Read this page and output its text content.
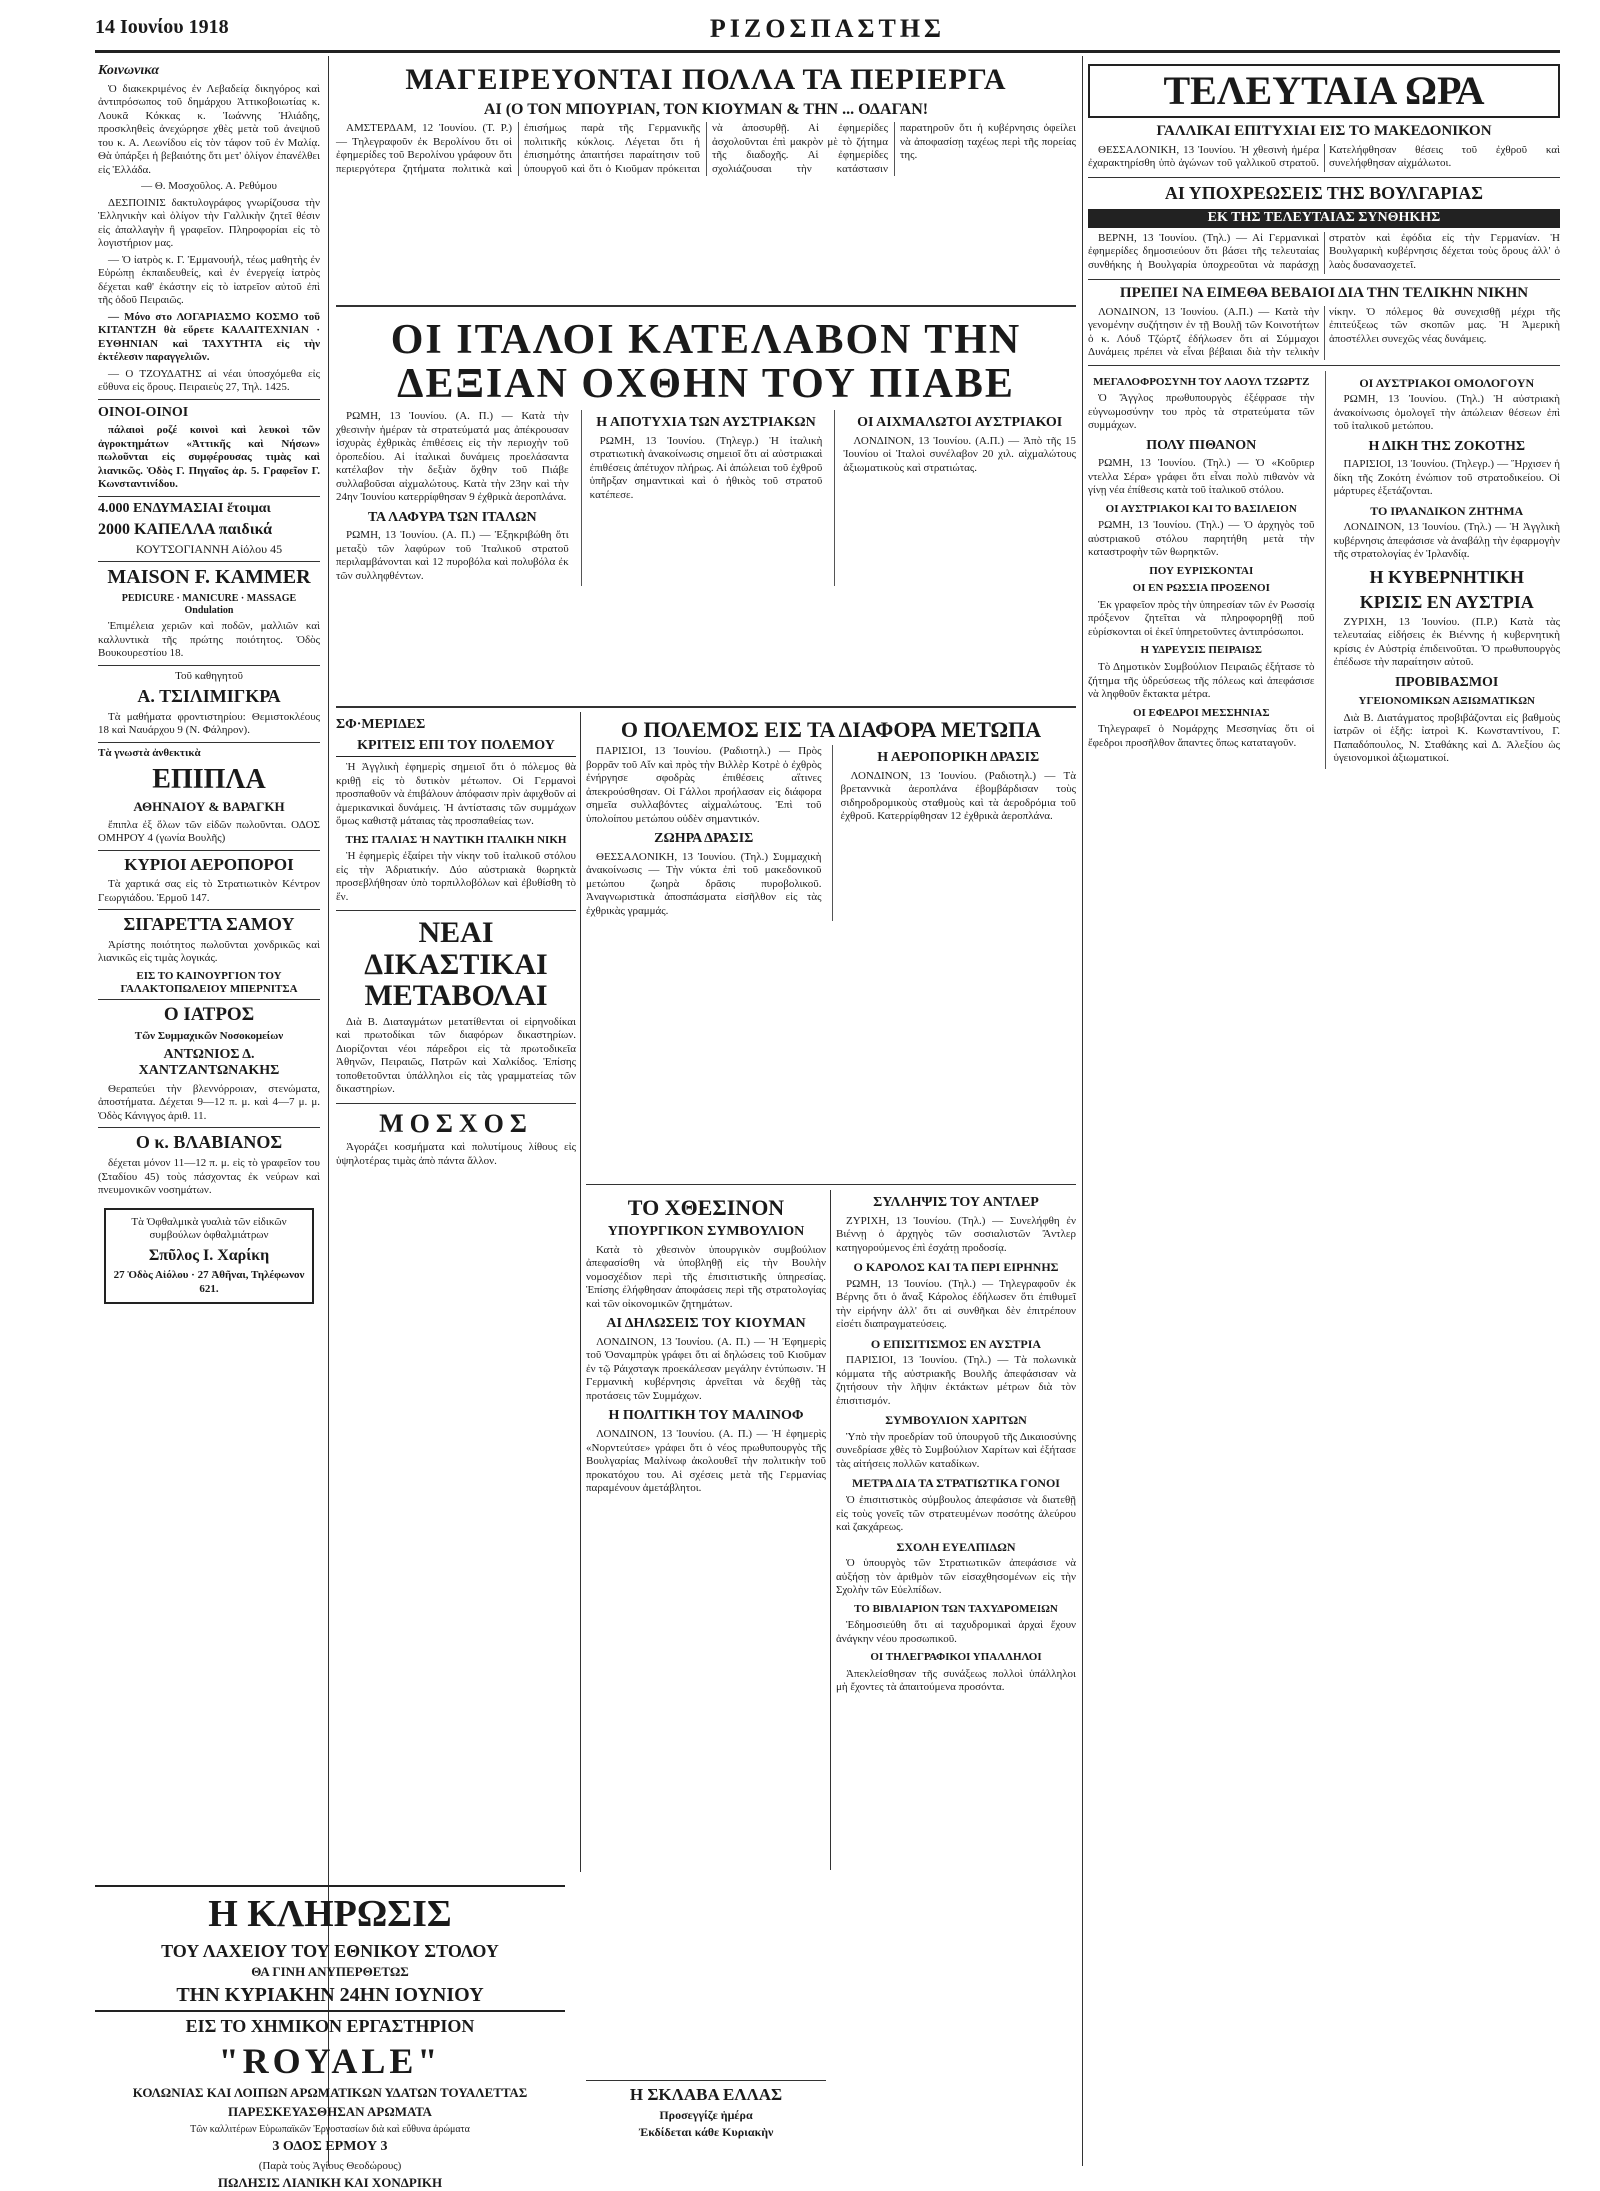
14 Ιουνίου 1918	ΡΙΖΟΣΠΑΣΤΗΣ
Κοινωνικα

Ὁ διακεκριμένος ἐν Λεβαδείᾳ δικηγόρος καὶ ἀντιπρόσωπος τοῦ δημάρχου Ἀττικοβοιωτίας κ. Λουκᾶ Κόκκας κ. Ἰωάννης Ἠλιάδης, προσκληθεὶς ἀνεχώρησε χθὲς μετὰ τοῦ ἀνεψιοῦ του κ. Α. Λεωνίδου εἰς τὸν τάφον τοῦ ἐν Μαλίᾳ. Θὰ ὑπάρξει ἡ βεβαιότης ὅτι μετ' ὀλίγον ἐπανέλθει εἰς Ἑλλάδα.

— Θ. Μοσχοῦλος. Α. Ρεθύμου

ΔΕΣΠΟΙΝΙΣ δακτυλογράφος γνωρίζουσα τὴν Ἑλληνικὴν καὶ ὀλίγον τὴν Γαλλικὴν ζητεῖ θέσιν εἰς ἀπαλλαγὴν ἢ γραφεῖον. Πληροφορίαι εἰς τὸ λογιστήριον μας.

— Ὁ ἰατρὸς κ. Γ. Ἐμμανουήλ, τέως μαθητὴς ἐν Εὐρώπῃ ἐκπαιδευθείς, καὶ ἐν ἐνεργείᾳ ἰατρὸς δέχεται καθ' ἑκάστην εἰς τὸ ἰατρεῖον αὐτοῦ ἐπὶ τῆς ὁδοῦ Πειραιῶς.

— Μόνο στο ΛΟΓΑΡΙΑΣΜΟ ΚΟΣΜΟ τοῦ ΚΙΤΑΝΤΖΗ θὰ εὕρετε ΚΑΛΑΙΤΕΧΝΙΑΝ · ΕΥΘΗΝΙΑΝ καὶ ΤΑΧΥΤΗΤΑ εἰς τὴν ἐκτέλεσιν παραγγελιῶν.

— Ο ΤΖΟΥΔΑΤΗΣ αἱ νέαι ὑποσχόμεθα εἰς εὔθυνα εἰς ὅρους. Πειραιεὺς 27, Τηλ. 1425.

ΟΙΝΟΙ-ΟΙΝΟΙ

πάλαιοὶ ροζέ κοινοὶ καὶ λευκοὶ τῶν ἀγροκτημάτων «Ἀττικῆς καὶ Νήσων» πωλοῦνται εἰς συμφέρουσας τιμὰς καὶ λιανικῶς. Ὁδὸς Γ. Πηγαῖος ἀρ. 5. Γραφεῖον Γ. Κωνσταντινίδου.

4.000 ΕΝΔΥΜΑΣΙΑΙ ἕτοιμαι
2000 ΚΑΠΕΛΛΑ παιδικά
ΚΟΥΤΣΟΓΙΑΝΝΗ Αἰόλου 45
MAISON F. KAMMER
PEDICURE · MANICURE · MASSAGE Ondulation

Ἐπιμέλεια χεριῶν καὶ ποδῶν, μαλλιῶν καὶ καλλυντικὰ τῆς πρώτης ποιότητος. Ὁδὸς Βουκουρεστίου 18.

Τοῦ καθηγητοῦ
Α. ΤΣΙΛΙΜΙΓΚΡΑ

Τὰ μαθήματα φροντιστηρίου: Θεμιστοκλέους 18 καὶ Ναυάρχου 9 (Ν. Φάληρον).

Τὰ γνωστὰ ἀνθεκτικὰ
ΕΠΙΠΛΑ
ΑΘΗΝΑΙΟΥ & ΒΑΡΑΓΚΗ

ἔπιπλα ἐξ ὅλων τῶν εἰδῶν πωλοῦνται. ΟΔΟΣ ΟΜΗΡΟΥ 4 (γωνία Βουλῆς)

ΚΥΡΙΟΙ ΑΕΡΟΠΟΡΟΙ

Τὰ χαρτικά σας εἰς τὸ Στρατιωτικὸν Κέντρον Γεωργιάδου. Ἑρμοῦ 147.

ΣΙΓΑΡΕΤΤΑ ΣΑΜΟΥ

Ἀρίστης ποιότητος πωλοῦνται χονδρικῶς καὶ λιανικῶς εἰς τιμὰς λογικάς.

ΕΙΣ ΤΟ ΚΑΙΝΟΥΡΓΙΟΝ ΤΟΥ ΓΑΛΑΚΤΟΠΩΛΕΙΟΥ ΜΠΕΡΝΙΤΣΑ
Ο ΙΑΤΡΟΣ
Τῶν Συμμαχικῶν Νοσοκομείων
ΑΝΤΩΝΙΟΣ Δ. ΧΑΝΤΖΑΝΤΩΝΑΚΗΣ

Θεραπεύει τὴν βλεννόρροιαν, στενώματα, ἀποστήματα. Δέχεται 9—12 π. μ. καὶ 4—7 μ. μ. Ὁδὸς Κάνιγγος ἀριθ. 11.

Ο κ. ΒΛΑΒΙΑΝΟΣ

δέχεται μόνον 11—12 π. μ. εἰς τὸ γραφεῖον του (Σταδίου 45) τοὺς πάσχοντας ἐκ νεύρων καὶ πνευμονικῶν νοσημάτων.

Τὰ Ὀφθαλμικὰ γυαλιὰ τῶν εἰδικῶν συμβούλων ὀφθαλμιάτρων
Σπῦλος Ι. Χαρίκη
27 Ὁδὸς Αἰόλου · 27 Ἀθῆναι, Τηλέφωνον 621.
Η ΚΛΗΡΩΣΙΣ
ΤΟΥ ΛΑΧΕΙΟΥ ΤΟΥ ΕΘΝΙΚΟΥ ΣΤΟΛΟΥ
ΘΑ ΓΙΝΗ ΑΝΥΠΕΡΘΕΤΩΣ
ΤΗΝ ΚΥΡΙΑΚΗΝ 24ΗΝ ΙΟΥΝΙΟΥ
ΕΙΣ ΤΟ ΧΗΜΙΚΟΝ ΕΡΓΑΣΤΗΡΙΟΝ
"ROYALE"
ΚΟΛΩΝΙΑΣ ΚΑΙ ΛΟΙΠΩΝ ΑΡΩΜΑΤΙΚΩΝ ΥΔΑΤΩΝ ΤΟΥΑΛΕΤΤΑΣ
ΠΑΡΕΣΚΕΥΑΣΘΗΣΑΝ ΑΡΩΜΑΤΑ
Τῶν καλλιτέρων Εὐρωπαϊκῶν Ἐργοστασίων διὰ καὶ εὔθυνα ἀρώματα
3 ΟΔΟΣ ΕΡΜΟΥ 3
(Παρὰ τοὺς Ἁγίους Θεοδώρους)
ΠΩΛΗΣΙΣ ΛΙΑΝΙΚΗ ΚΑΙ ΧΟΝΔΡΙΚΗ
ΜΑΓΕΙΡΕΥΟΝΤΑΙ ΠΟΛΛΑ ΤΑ ΠΕΡΙΕΡΓΑ
ΑΙ (Ο ΤΟΝ ΜΠΟΥΡΙΑΝ, ΤΟΝ ΚΙΟΥΜΑΝ & ΤΗΝ ... ΟΔΑΓΑΝ!

ΑΜΣΤΕΡΔΑΜ, 12 Ἰουνίου. (Τ. Ρ.) — Τηλεγραφοῦν ἐκ Βερολίνου ὅτι οἱ ἐφημερίδες τοῦ Βερολίνου γράφουν ὅτι περιεργότερα ζητήματα πολιτικὰ καὶ ἐπισήμως παρὰ τῆς Γερμανικῆς πολιτικῆς κύκλοις. Λέγεται ὅτι ἡ ἐπισημότης ἀπαιτήσει παραίτησιν τοῦ ὑπουργοῦ καὶ ὅτι ὁ Κιοῦμαν πρόκειται νὰ ἀποσυρθῇ. Αἱ ἐφημερίδες ἀσχολοῦνται ἐπὶ μακρὸν μὲ τὸ ζήτημα τῆς διαδοχῆς. Αἱ ἐφημερίδες σχολιάζουσαι τὴν κατάστασιν παρατηροῦν ὅτι ἡ κυβέρνησις ὀφείλει νὰ ἀποφασίσῃ ταχέως περὶ τῆς πορείας της.

ΟΙ ΙΤΑΛΟΙ ΚΑΤΕΛΑΒΟΝ ΤΗΝ ΔΕΞΙΑΝ ΟΧΘΗΝ ΤΟΥ ΠΙΑΒΕ

ΡΩΜΗ, 13 Ἰουνίου. (Α. Π.) — Κατὰ τὴν χθεσινὴν ἡμέραν τὰ στρατεύματά μας ἀπέκρουσαν ἰσχυρὰς ἐχθρικὰς ἐπιθέσεις εἰς τὴν περιοχὴν τοῦ ὀροπεδίου. Αἱ ἰταλικαὶ δυνάμεις προελάσαντα κατέλαβον τὴν δεξιὰν ὄχθην τοῦ Πιάβε συλλαβοῦσαι αἰχμαλώτους. Κατὰ τὴν 23ην καὶ τὴν 24ην Ἰουνίου κατερρίφθησαν 9 ἐχθρικὰ ἀεροπλάνα.

ΤΑ ΛΑΦΥΡΑ ΤΩΝ ΙΤΑΛΩΝ

ΡΩΜΗ, 13 Ἰουνίου. (Α. Π.) — Ἐξηκριβώθη ὅτι μεταξὺ τῶν λαφύρων τοῦ Ἰταλικοῦ στρατοῦ περιλαμβάνονται καὶ 12 πυροβόλα καὶ πολυβόλα ἐκ τῶν συλληφθέντων.

Η ΑΠΟΤΥΧΙΑ ΤΩΝ ΑΥΣΤΡΙΑΚΩΝ

ΡΩΜΗ, 13 Ἰουνίου. (Τηλεγρ.) Ἡ ἰταλικὴ στρατιωτικὴ ἀνακοίνωσις σημειοῖ ὅτι αἱ αὐστριακαὶ ἐπιθέσεις ἀπέτυχον πλήρως. Αἱ ἀπώλειαι τοῦ ἐχθροῦ ὑπῆρξαν σημαντικαὶ καὶ ὁ ἠθικὸς τοῦ στρατοῦ κατέπεσε.

ΟΙ ΑΙΧΜΑΛΩΤΟΙ ΑΥΣΤΡΙΑΚΟΙ

ΛΟΝΔΙΝΟΝ, 13 Ἰουνίου. (Α.Π.) — Ἀπὸ τῆς 15 Ἰουνίου οἱ Ἰταλοὶ συνέλαβον 20 χιλ. αἰχμαλώτους ἀξιωματικοὺς καὶ στρατιώτας.

ΣΦ·ΜΕΡΙΔΕΣ
ΚΡΙΤΕΙΣ ΕΠΙ ΤΟΥ ΠΟΛΕΜΟΥ

Ἡ Ἀγγλικὴ ἐφημερὶς σημειοῖ ὅτι ὁ πόλεμος θὰ κριθῇ εἰς τὸ δυτικὸν μέτωπον. Οἱ Γερμανοὶ προσπαθοῦν νὰ ἐπιβάλουν ἀπόφασιν πρὶν ἀφιχθοῦν αἱ ἀμερικανικαὶ δυνάμεις. Ἡ ἀντίστασις τῶν συμμάχων ὅμως καθιστᾷ μάταιας τὰς προσπαθείας των.

ΤΗΣ ΙΤΑΛΙΑΣ Ἡ ΝΑΥΤΙΚΗ ΙΤΑΛΙΚΗ ΝΙΚΗ

Ἡ ἐφημερὶς ἐξαίρει τὴν νίκην τοῦ ἰταλικοῦ στόλου εἰς τὴν Ἀδριατικήν. Δύο αὐστριακὰ θωρηκτὰ προσεβλήθησαν ὑπὸ τορπιλλοβόλων καὶ ἐβυθίσθη τὸ ἕν.

ΝΕΑΙ ΔΙΚΑΣΤΙΚΑΙ ΜΕΤΑΒΟΛΑΙ

Διὰ Β. Διαταγμάτων μετατίθενται οἱ εἰρηνοδίκαι καὶ πρωτοδίκαι τῶν διαφόρων δικαστηρίων. Διορίζονται νέοι πάρεδροι εἰς τὰ πρωτοδικεῖα Ἀθηνῶν, Πειραιῶς, Πατρῶν καὶ Χαλκίδος. Ἐπίσης τοποθετοῦνται ὑπάλληλοι εἰς τὰς γραμματείας τῶν δικαστηρίων.

ΜΟΣΧΟΣ

Ἀγοράζει κοσμήματα καὶ πολυτίμους λίθους εἰς ὑψηλοτέρας τιμὰς ἀπὸ πάντα ἄλλον.

Ο ΠΟΛΕΜΟΣ ΕΙΣ ΤΑ ΔΙΑΦΟΡΑ ΜΕΤΩΠΑ

ΠΑΡΙΣΙΟΙ, 13 Ἰουνίου. (Ραδιοτηλ.) — Πρὸς βορρᾶν τοῦ Αἴν καὶ πρὸς τὴν Βιλλὲρ Κοτρὲ ὁ ἐχθρὸς ἐνήργησε σφοδρὰς ἐπιθέσεις αἵτινες ἀπεκρούσθησαν. Οἱ Γάλλοι προήλασαν εἰς διάφορα σημεῖα συλλαβόντες αἰχμαλώτους. Ἐπὶ τοῦ ὑπολοίπου μετώπου οὐδὲν σημαντικόν.

ΖΩΗΡΑ ΔΡΑΣΙΣ

ΘΕΣΣΑΛΟΝΙΚΗ, 13 Ἰουνίου. (Τηλ.) Συμμαχικὴ ἀνακοίνωσις — Τὴν νύκτα ἐπὶ τοῦ μακεδονικοῦ μετώπου ζωηρὰ δρᾶσις πυροβολικοῦ. Ἀναγνωριστικὰ ἀποσπάσματα εἰσῆλθον εἰς τὰς ἐχθρικὰς γραμμάς.

Η ΑΕΡΟΠΟΡΙΚΗ ΔΡΑΣΙΣ

ΛΟΝΔΙΝΟΝ, 13 Ἰουνίου. (Ραδιοτηλ.) — Τὰ βρεταννικὰ ἀεροπλάνα ἐβομβάρδισαν τοὺς σιδηροδρομικοὺς σταθμοὺς καὶ τὰ ἀεροδρόμια τοῦ ἐχθροῦ. Κατερρίφθησαν 12 ἐχθρικὰ ἀεροπλάνα.

ΤΟ ΧΘΕΣΙΝΟΝ
ΥΠΟΥΡΓΙΚΟΝ ΣΥΜΒΟΥΛΙΟΝ

Κατὰ τὸ χθεσινὸν ὑπουργικὸν συμβούλιον ἀπεφασίσθη νὰ ὑποβληθῇ εἰς τὴν Βουλὴν νομοσχέδιον περὶ τῆς ἐπισιτιστικῆς ὑπηρεσίας. Ἐπίσης ἐλήφθησαν ἀποφάσεις περὶ τῆς στρατολογίας καὶ τῶν οἰκονομικῶν ζητημάτων.

ΑΙ ΔΗΛΩΣΕΙΣ ΤΟΥ ΚΙΟΥΜΑΝ

ΛΟΝΔΙΝΟΝ, 13 Ἰουνίου. (Α. Π.) — Ἡ Ἐφημερὶς τοῦ Ὀσναμπρὺκ γράφει ὅτι αἱ δηλώσεις τοῦ Κιοῦμαν ἐν τῷ Ράιχσταγκ προεκάλεσαν μεγάλην ἐντύπωσιν. Ἡ Γερμανικὴ κυβέρνησις ἀρνεῖται νὰ δεχθῇ τὰς προτάσεις τῶν Συμμάχων.

Η ΠΟΛΙΤΙΚΗ ΤΟΥ ΜΑΛΙΝΟΦ

ΛΟΝΔΙΝΟΝ, 13 Ἰουνίου. (Α. Π.) — Ἡ ἐφημερὶς «Νορντεύτσε» γράφει ὅτι ὁ νέος πρωθυπουργὸς τῆς Βουλγαρίας Μαλίνωφ ἀκολουθεῖ τὴν πολιτικὴν τοῦ προκατόχου του. Αἱ σχέσεις μετὰ τῆς Γερμανίας παραμένουν ἀμετάβλητοι.

ΣΥΛΛΗΨΙΣ ΤΟΥ ΑΝΤΛΕΡ

ΖΥΡΙΧΗ, 13 Ἰουνίου. (Τηλ.) — Συνελήφθη ἐν Βιέννῃ ὁ ἀρχηγὸς τῶν σοσιαλιστῶν Ἄντλερ κατηγορούμενος ἐπὶ ἐσχάτῃ προδοσίᾳ.

Ο ΚΑΡΟΛΟΣ ΚΑΙ ΤΑ ΠΕΡΙ ΕΙΡΗΝΗΣ

ΡΩΜΗ, 13 Ἰουνίου. (Τηλ.) — Τηλεγραφοῦν ἐκ Βέρνης ὅτι ὁ ἄναξ Κάρολος ἐδήλωσεν ὅτι ἐπιθυμεῖ τὴν εἰρήνην ἀλλ' ὅτι αἱ συνθῆκαι δὲν ἐπιτρέπουν εἰσέτι διαπραγματεύσεις.

Ο ΕΠΙΣΙΤΙΣΜΟΣ ΕΝ ΑΥΣΤΡΙΑ

ΠΑΡΙΣΙΟΙ, 13 Ἰουνίου. (Τηλ.) — Τὰ πολωνικὰ κόμματα τῆς αὐστριακῆς Βουλῆς ἀπεφάσισαν νὰ ζητήσουν τὴν λῆψιν ἐκτάκτων μέτρων διὰ τὸν ἐπισιτισμόν.

ΣΥΜΒΟΥΛΙΟΝ ΧΑΡΙΤΩΝ

Ὑπὸ τὴν προεδρίαν τοῦ ὑπουργοῦ τῆς Δικαιοσύνης συνεδρίασε χθὲς τὸ Συμβούλιον Χαρίτων καὶ ἐξήτασε τὰς αἰτήσεις πολλῶν καταδίκων.

ΜΕΤΡΑ ΔΙΑ ΤΑ ΣΤΡΑΤΙΩΤΙΚΑ ΓΟΝΟΙ

Ὁ ἐπισιτιστικὸς σύμβουλος ἀπεφάσισε νὰ διατεθῇ εἰς τοὺς γονεῖς τῶν στρατευμένων ποσότης ἀλεύρου καὶ ζακχάρεως.

ΣΧΟΛΗ ΕΥΕΛΠΙΔΩΝ

Ὁ ὑπουργὸς τῶν Στρατιωτικῶν ἀπεφάσισε νὰ αὐξήσῃ τὸν ἀριθμὸν τῶν εἰσαχθησομένων εἰς τὴν Σχολὴν τῶν Εὐελπίδων.

ΤΟ ΒΙΒΛΙΑΡΙΟΝ ΤΩΝ ΤΑΧΥΔΡΟΜΕΙΩΝ

Ἐδημοσιεύθη ὅτι αἱ ταχυδρομικαὶ ἀρχαὶ ἔχουν ἀνάγκην νέου προσωπικοῦ.

ΟΙ ΤΗΛΕΓΡΑΦΙΚΟΙ ΥΠΑΛΛΗΛΟΙ

Ἀπεκλείσθησαν τῆς συνάξεως πολλοὶ ὑπάλληλοι μὴ ἔχοντες τὰ ἀπαιτούμενα προσόντα.

Η ΣΚΛΑΒΑ ΕΛΛΑΣ
Προσεγγίζε ἡμέρα
Ἐκδίδεται κάθε Κυριακὴν
ΤΕΛΕΥΤΑΙΑ ΩΡΑ
ΓΑΛΛΙΚΑΙ ΕΠΙΤΥΧΙΑΙ ΕΙΣ ΤΟ ΜΑΚΕΔΟΝΙΚΟΝ

ΘΕΣΣΑΛΟΝΙΚΗ, 13 Ἰουνίου. Ἡ χθεσινὴ ἡμέρα ἐχαρακτηρίσθη ὑπὸ ἀγώνων τοῦ γαλλικοῦ στρατοῦ. Κατελήφθησαν θέσεις τοῦ ἐχθροῦ καὶ συνελήφθησαν αἰχμάλωτοι.

ΑΙ ΥΠΟΧΡΕΩΣΕΙΣ ΤΗΣ ΒΟΥΛΓΑΡΙΑΣ
ΕΚ ΤΗΣ ΤΕΛΕΥΤΑΙΑΣ ΣΥΝΘΗΚΗΣ

ΒΕΡΝΗ, 13 Ἰουνίου. (Τηλ.) — Αἱ Γερμανικαὶ ἐφημερίδες δημοσιεύουν ὅτι βάσει τῆς τελευταίας συνθήκης ἡ Βουλγαρία ὑποχρεοῦται νὰ παράσχῃ στρατὸν καὶ ἐφόδια εἰς τὴν Γερμανίαν. Ἡ Βουλγαρικὴ κυβέρνησις δέχεται τοὺς ὅρους ἀλλ' ὁ λαὸς δυσανασχετεῖ.

ΠΡΕΠΕΙ ΝΑ ΕΙΜΕΘΑ ΒΕΒΑΙΟΙ ΔΙΑ ΤΗΝ ΤΕΛΙΚΗΝ ΝΙΚΗΝ

ΛΟΝΔΙΝΟΝ, 13 Ἰουνίου. (Α.Π.) — Κατὰ τὴν γενομένην συζήτησιν ἐν τῇ Βουλῇ τῶν Κοινοτήτων ὁ κ. Λόυδ Τζώρτζ ἐδήλωσεν ὅτι αἱ Σύμμαχοι Δυνάμεις πρέπει νὰ εἶναι βέβαιαι διὰ τὴν τελικὴν νίκην. Ὁ πόλεμος θὰ συνεχισθῇ μέχρι τῆς ἐπιτεύξεως τῶν σκοπῶν μας. Ἡ Ἀμερικὴ ἀποστέλλει συνεχῶς νέας δυνάμεις.

ΜΕΓΑΛΟΦΡΟΣΥΝΗ ΤΟΥ ΛΑΟΥΛ ΤΖΩΡΤΖ

Ὁ Ἄγγλος πρωθυπουργὸς ἐξέφρασε τὴν εὐγνωμοσύνην του πρὸς τὰ στρατεύματα τῶν συμμάχων.

ΠΟΛΥ ΠΙΘΑΝΟΝ

ΡΩΜΗ, 13 Ἰουνίου. (Τηλ.) — Ὁ «Κοῦριερ ντελλα Σέρα» γράφει ὅτι εἶναι πολὺ πιθανὸν νὰ γίνῃ νέα ἐπίθεσις κατὰ τοῦ ἰταλικοῦ στόλου.

ΟΙ ΑΥΣΤΡΙΑΚΟΙ ΚΑΙ ΤΟ ΒΑΣΙΛΕΙΟΝ

ΡΩΜΗ, 13 Ἰουνίου. (Τηλ.) — Ὁ ἀρχηγὸς τοῦ αὐστριακοῦ στόλου παρητήθη μετὰ τὴν καταστροφὴν τῶν θωρηκτῶν.

ΠΟΥ ΕΥΡΙΣΚΟΝΤΑΙ
ΟΙ ΕΝ ΡΩΣΣΙΑ ΠΡΟΞΕΝΟΙ

Ἐκ γραφεῖον πρὸς τὴν ὑπηρεσίαν τῶν ἐν Ρωσσίᾳ πρόξενον ζητεῖται νὰ πληροφορηθῇ ποῦ εὑρίσκονται οἱ ἐκεῖ ὑπηρετοῦντες ἀντιπρόσωποι.

Η ΥΔΡΕΥΣΙΣ ΠΕΙΡΑΙΩΣ

Τὸ Δημοτικὸν Συμβούλιον Πειραιῶς ἐξήτασε τὸ ζήτημα τῆς ὑδρεύσεως τῆς πόλεως καὶ ἀπεφάσισε νὰ ληφθοῦν ἔκτακτα μέτρα.

ΟΙ ΕΦΕΔΡΟΙ ΜΕΣΣΗΝΙΑΣ

Τηλεγραφεῖ ὁ Νομάρχης Μεσσηνίας ὅτι οἱ ἔφεδροι προσῆλθον ἅπαντες ὅπως καταταγοῦν.

ΟΙ ΑΥΣΤΡΙΑΚΟΙ ΟΜΟΛΟΓΟΥΝ

ΡΩΜΗ, 13 Ἰουνίου. (Τηλ.) Ἡ αὐστριακὴ ἀνακοίνωσις ὁμολογεῖ τὴν ἀπώλειαν θέσεων ἐπὶ τοῦ ἰταλικοῦ μετώπου.

Η ΔΙΚΗ ΤΗΣ ΖΟΚΟΤΗΣ

ΠΑΡΙΣΙΟΙ, 13 Ἰουνίου. (Τηλεγρ.) — Ἤρχισεν ἡ δίκη τῆς Ζοκότη ἐνώπιον τοῦ στρατοδικείου. Οἱ μάρτυρες ἐξετάζονται.

ΤΟ ΙΡΛΑΝΔΙΚΟΝ ΖΗΤΗΜΑ

ΛΟΝΔΙΝΟΝ, 13 Ἰουνίου. (Τηλ.) — Ἡ Ἀγγλικὴ κυβέρνησις ἀπεφάσισε νὰ ἀναβάλῃ τὴν ἐφαρμογὴν τῆς στρατολογίας ἐν Ἰρλανδίᾳ.

Η ΚΥΒΕΡΝΗΤΙΚΗ
ΚΡΙΣΙΣ ΕΝ ΑΥΣΤΡΙΑ

ΖΥΡΙΧΗ, 13 Ἰουνίου. (Π.Ρ.) Κατὰ τὰς τελευταίας εἰδήσεις ἐκ Βιέννης ἡ κυβερνητικὴ κρίσις ἐν Αὐστρίᾳ ἐπιδεινοῦται. Ὁ πρωθυπουργὸς ἐπέδωσε τὴν παραίτησιν αὐτοῦ.

ΠΡΟΒΙΒΑΣΜΟΙ
ΥΓΕΙΟΝΟΜΙΚΩΝ ΑΞΙΩΜΑΤΙΚΩΝ

Διὰ Β. Διατάγματος προβιβάζονται εἰς βαθμοὺς ἰατρῶν οἱ ἑξῆς: ἰατροὶ Κ. Κωνσταντίνου, Γ. Παπαδόπουλος, Ν. Σταθάκης καὶ Δ. Ἀλεξίου ὡς ὑγειονομικοὶ ἀξιωματικοί.
